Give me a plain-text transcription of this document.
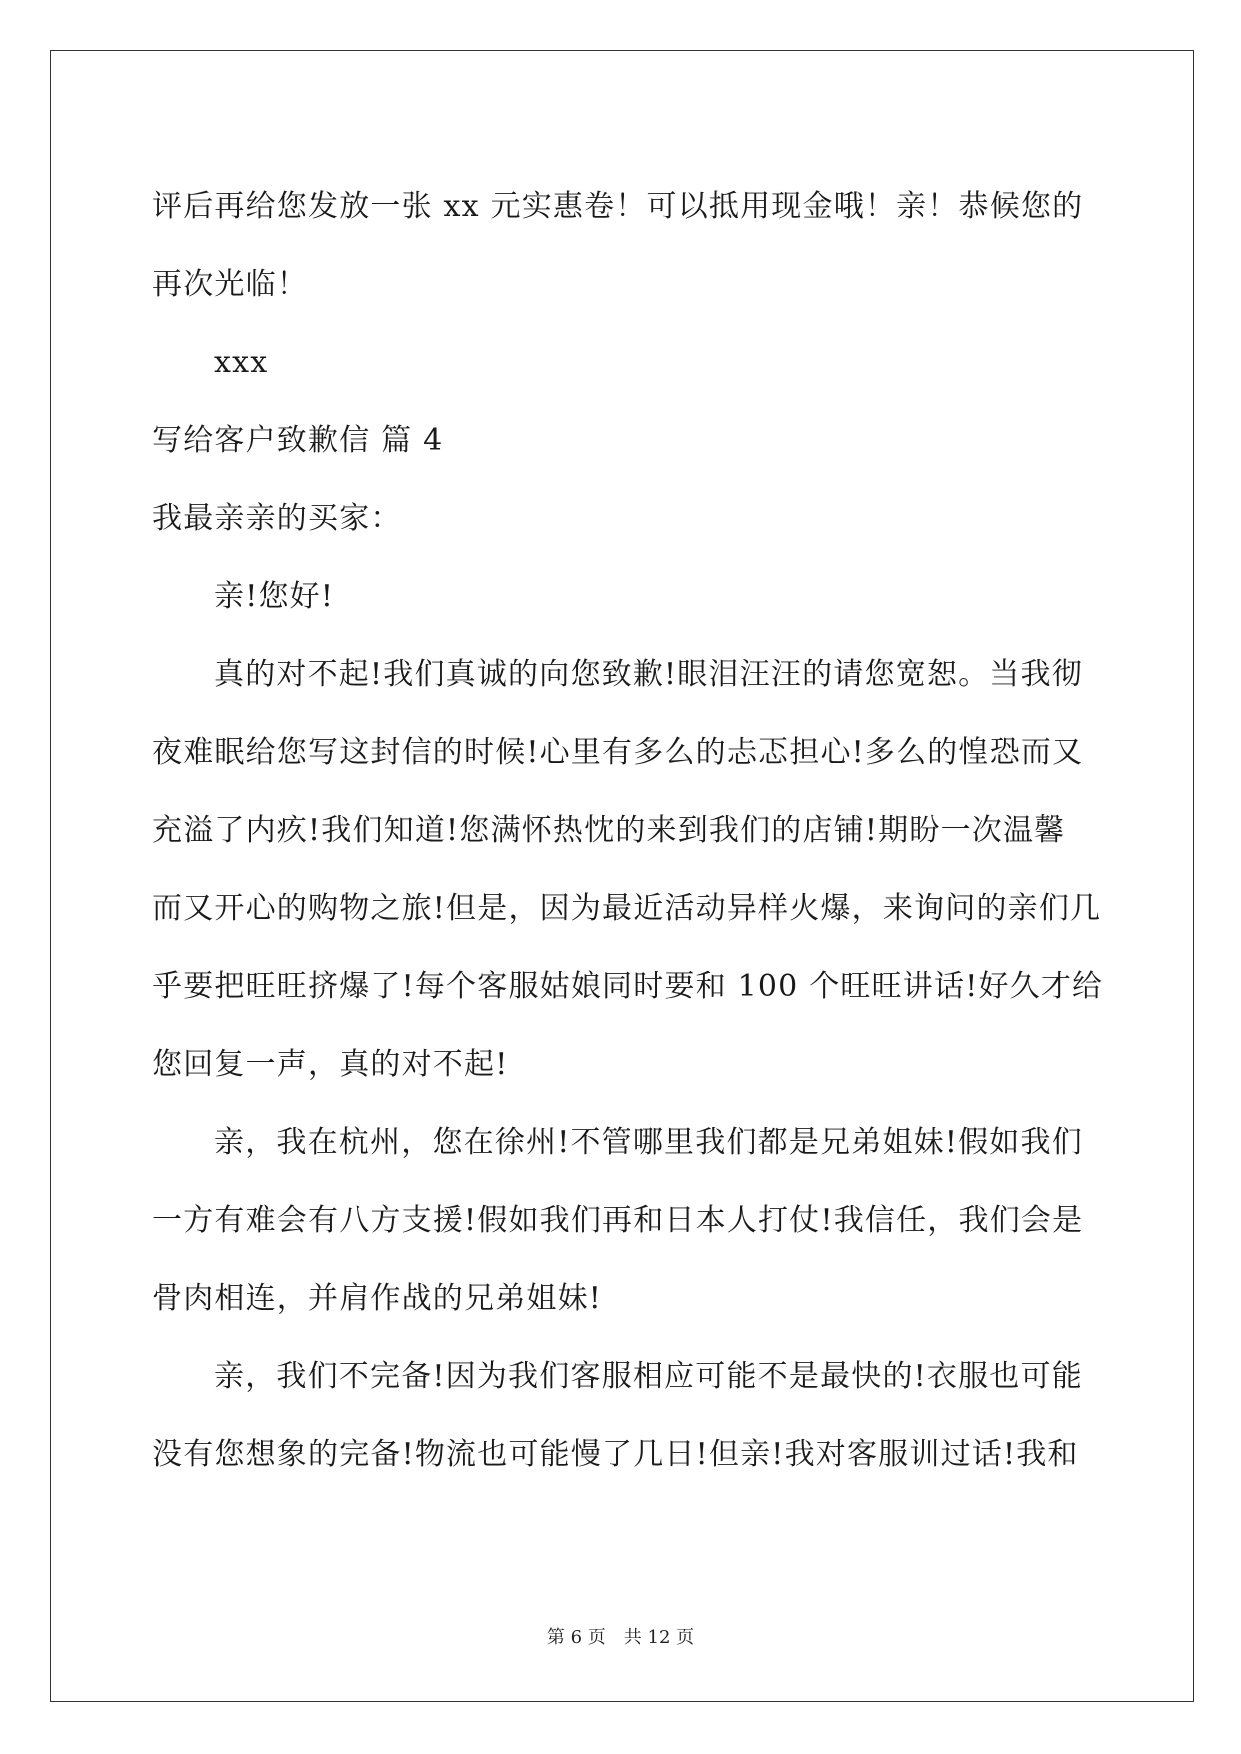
评后再给您发放一张 xx 元实惠卷！可以抵用现金哦！亲！恭候您的
再次光临！
xxx
写给客户致歉信 篇 4
我最亲亲的买家：
亲!您好!
真的对不起!我们真诚的向您致歉!眼泪汪汪的请您宽恕。当我彻
夜难眠给您写这封信的时候!心里有多么的忐忑担心!多么的惶恐而又
充溢了内疚!我们知道!您满怀热忱的来到我们的店铺!期盼一次温馨
而又开心的购物之旅!但是，因为最近活动异样火爆，来询问的亲们几
乎要把旺旺挤爆了!每个客服姑娘同时要和 100 个旺旺讲话!好久才给
您回复一声，真的对不起!
亲，我在杭州，您在徐州!不管哪里我们都是兄弟姐妹!假如我们
一方有难会有八方支援!假如我们再和日本人打仗!我信任，我们会是
骨肉相连，并肩作战的兄弟姐妹!
亲，我们不完备!因为我们客服相应可能不是最快的!衣服也可能
没有您想象的完备!物流也可能慢了几日!但亲!我对客服训过话!我和
第 6 页　共 12 页
